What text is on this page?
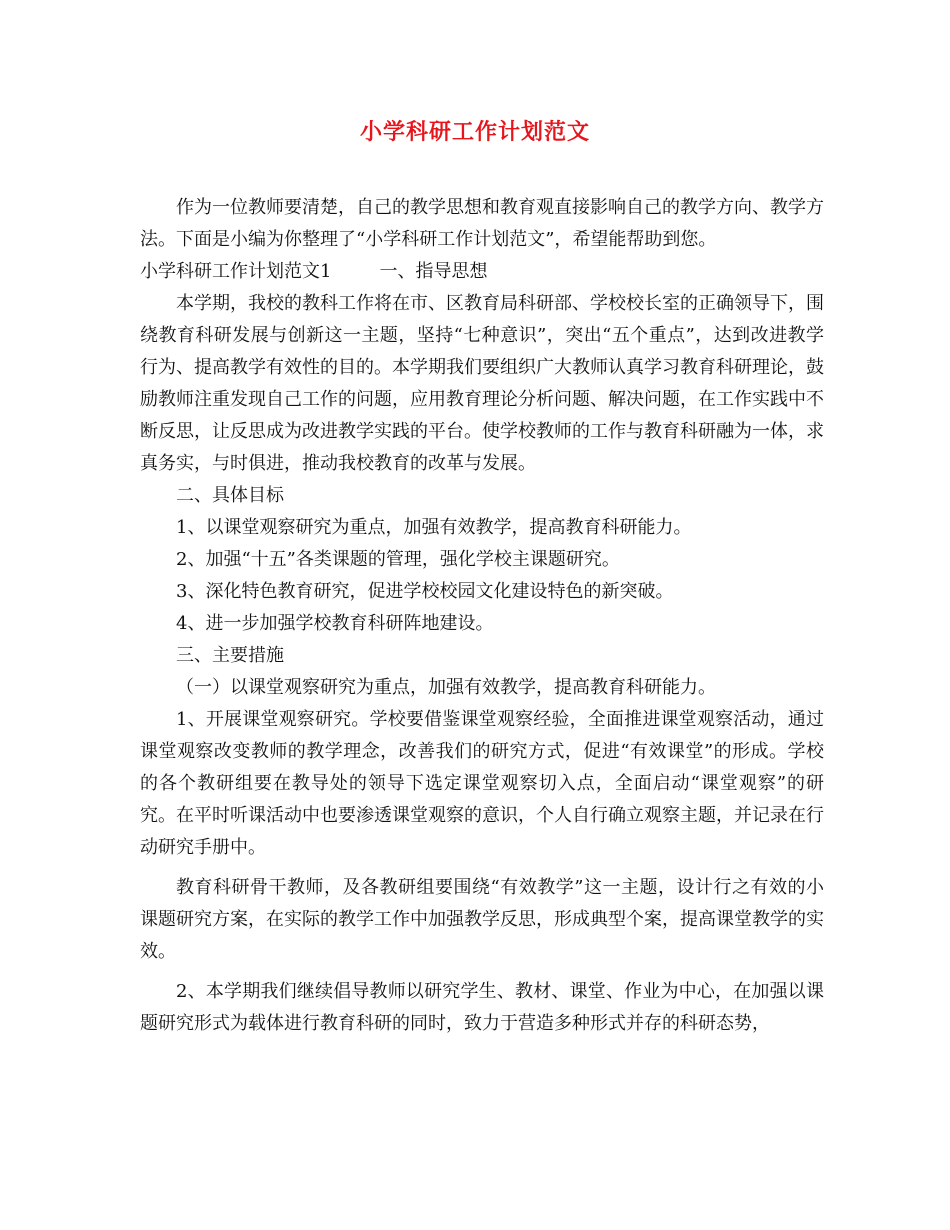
小学科研工作计划范文

作为一位教师要清楚，自己的教学思想和教育观直接影响自己的教学方向、教学方法。下面是小编为你整理了“小学科研工作计划范文”，希望能帮助到您。

小学科研工作计划范文1	一、指导思想

本学期，我校的教科工作将在市、区教育局科研部、学校校长室的正确领导下，围绕教育科研发展与创新这一主题，坚持“七种意识”，突出“五个重点”，达到改进教学行为、提高教学有效性的目的。本学期我们要组织广大教师认真学习教育科研理论，鼓励教师注重发现自己工作的问题，应用教育理论分析问题、解决问题，在工作实践中不断反思，让反思成为改进教学实践的平台。使学校教师的工作与教育科研融为一体，求真务实，与时俱进，推动我校教育的改革与发展。

二、具体目标

1、以课堂观察研究为重点，加强有效教学，提高教育科研能力。

2、加强“十五”各类课题的管理，强化学校主课题研究。

3、深化特色教育研究，促进学校校园文化建设特色的新突破。

4、进一步加强学校教育科研阵地建设。

三、主要措施

（一）以课堂观察研究为重点，加强有效教学，提高教育科研能力。

1、开展课堂观察研究。学校要借鉴课堂观察经验，全面推进课堂观察活动，通过课堂观察改变教师的教学理念，改善我们的研究方式，促进“有效课堂”的形成。学校的各个教研组要在教导处的领导下选定课堂观察切入点，全面启动“课堂观察”的研究。在平时听课活动中也要渗透课堂观察的意识，个人自行确立观察主题，并记录在行动研究手册中。

教育科研骨干教师，及各教研组要围绕“有效教学”这一主题，设计行之有效的小课题研究方案，在实际的教学工作中加强教学反思，形成典型个案，提高课堂教学的实效。

2、本学期我们继续倡导教师以研究学生、教材、课堂、作业为中心，在加强以课题研究形式为载体进行教育科研的同时，致力于营造多种形式并存的科研态势，
